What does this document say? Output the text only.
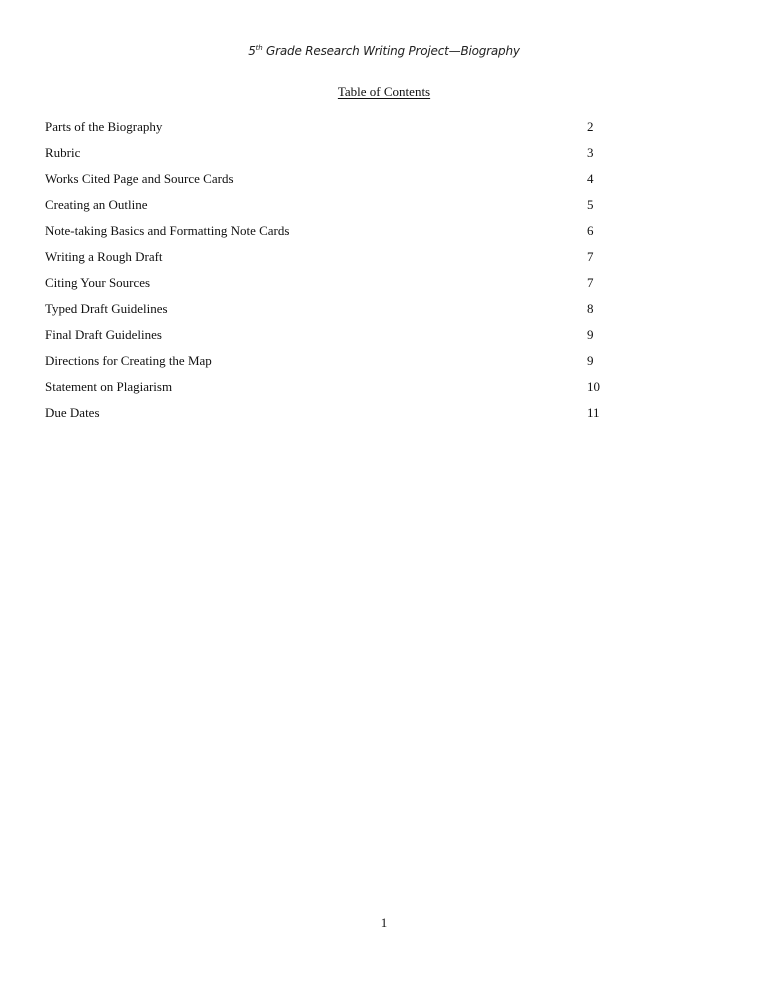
5th Grade Research Writing Project—Biography
Table of Contents
Parts of the Biography	2
Rubric	3
Works Cited Page and Source Cards	4
Creating an Outline	5
Note-taking Basics and Formatting Note Cards	6
Writing a Rough Draft	7
Citing Your Sources	7
Typed Draft Guidelines	8
Final Draft Guidelines	9
Directions for Creating the Map	9
Statement on Plagiarism	10
Due Dates	11
1
